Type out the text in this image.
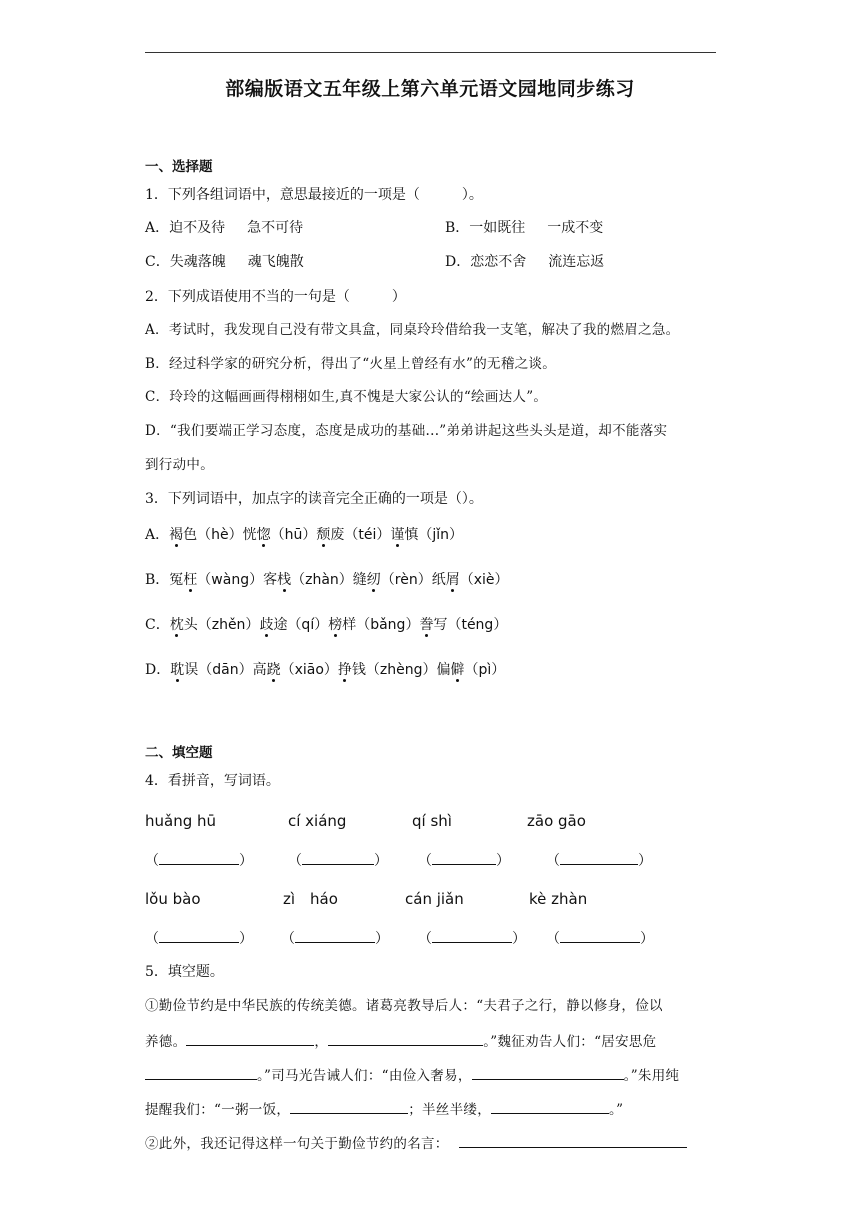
部编版语文五年级上第六单元语文园地同步练习
一、选择题
1．下列各组词语中，意思最接近的一项是（　　　）。
A．迫不及待 急不可待	B．一如既往 一成不变
C．失魂落魄 魂飞魄散	D．恋恋不舍 流连忘返
2．下列成语使用不当的一句是（　　　）
A．考试时，我发现自己没有带文具盒，同桌玲玲借给我一支笔，解决了我的燃眉之急。
B．经过科学家的研究分析，得出了“火星上曾经有水”的无稽之谈。
C．玲玲的这幅画画得栩栩如生,真不愧是大家公认的“绘画达人”。
D．“我们要端正学习态度，态度是成功的基础...”弟弟讲起这些头头是道，却不能落实
到行动中。
3．下列词语中，加点字的读音完全正确的一项是（）。
A．褐色（hè）恍惚（hū）颓废（téi）谨慎（jǐn）
B．冤枉（wàng）客栈（zhàn）缝纫（rèn）纸屑（xiè）
C．枕头（zhěn）歧途（qí）榜样（bǎng）誊写（téng）
D．耽误（dān）高跷（xiāo）挣钱（zhèng）偏僻（pì）
二、填空题
4．看拼音，写词语。
huǎng hū	cí xiáng	qí shì	zāo gāo
（	）	（	） （	）	（	）
lǒu bào	zì　háo	cán jiǎn	kè zhàn
（	） （	） （	） （	）
5．填空题。
①勤俭节约是中华民族的传统美德。诸葛亮教导后人：“夫君子之行，静以修身，俭以
养德。	，	。”魏征劝告人们：“居安思危
。”司马光告诫人们：“由俭入奢易，	。”朱用纯
提醒我们：“一粥一饭，	；半丝半缕，	。”
②此外，我还记得这样一句关于勤俭节约的名言：
